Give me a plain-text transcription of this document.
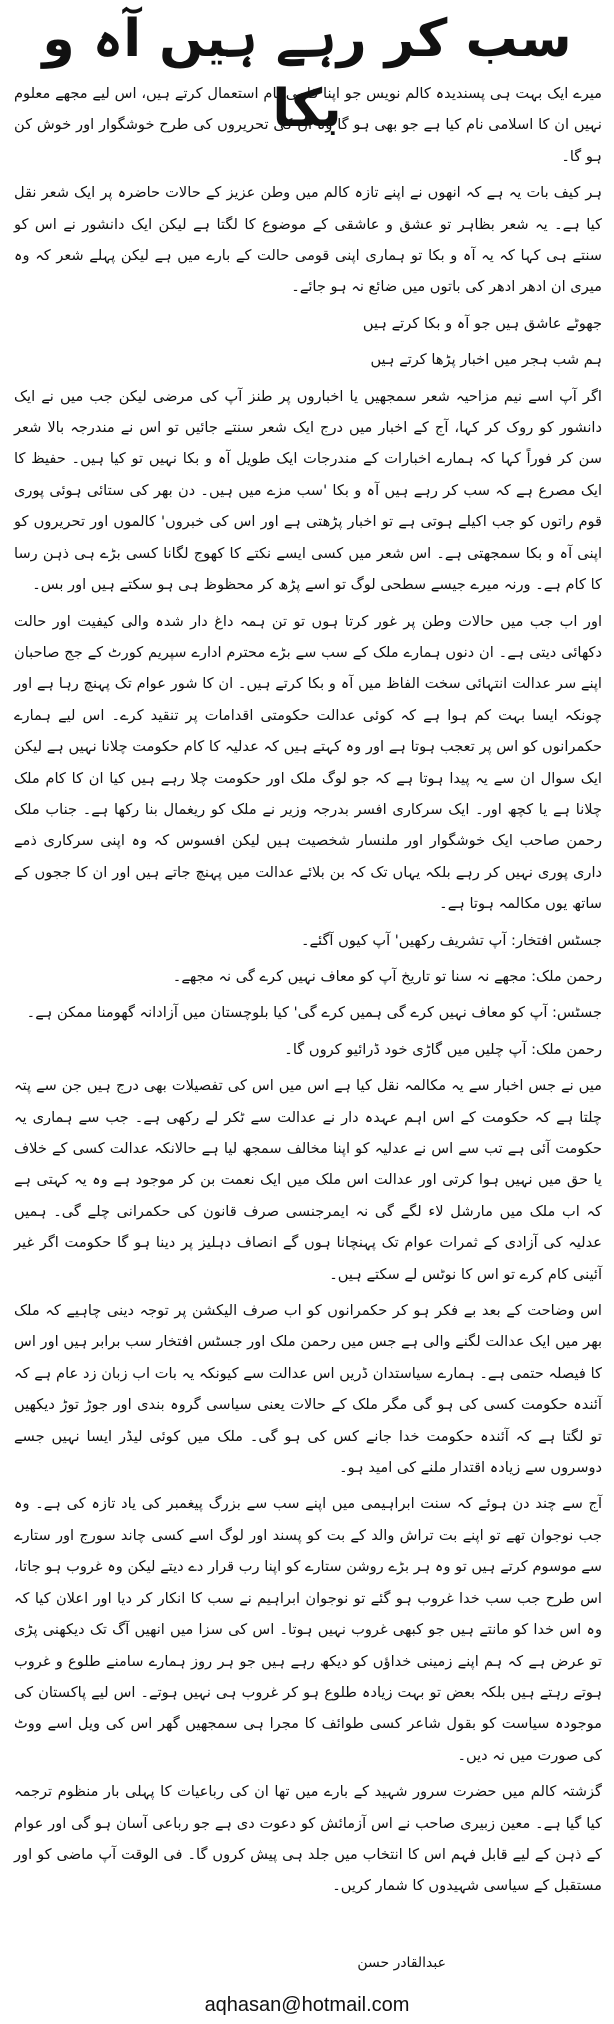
سب کر رہے ہیں آہ و بکا

میرے ایک بہت ہی پسندیدہ کالم نویس جو اپنا قلمی نام استعمال کرتے ہیں، اس لیے مجھے معلوم نہیں ان کا اسلامی نام کیا ہے جو بھی ہو گا وہ ان کی تحریروں کی طرح خوشگوار اور خوش کن ہو گا۔

ہر کیف بات یہ ہے کہ انھوں نے اپنے تازہ کالم میں وطن عزیز کے حالات حاضرہ پر ایک شعر نقل کیا ہے۔ یہ شعر بظاہر تو عشق و عاشقی کے موضوع کا لگتا ہے لیکن ایک دانشور نے اس کو سنتے ہی کہا کہ یہ آہ و بکا تو ہماری اپنی قومی حالت کے بارے میں ہے لیکن پہلے شعر کہ وہ میری ان ادھر ادھر کی باتوں میں ضائع نہ ہو جائے۔

جھوٹے عاشق ہیں جو آہ و بکا کرتے ہیں

ہم شب ہجر میں اخبار پڑھا کرتے ہیں

اگر آپ اسے نیم مزاحیہ شعر سمجھیں یا اخباروں پر طنز آپ کی مرضی لیکن جب میں نے ایک دانشور کو روک کر کہا، آج کے اخبار میں درج ایک شعر سنتے جائیں تو اس نے مندرجہ بالا شعر سن کر فوراً کہا کہ ہمارے اخبارات کے مندرجات ایک طویل آہ و بکا نہیں تو کیا ہیں۔ حفیظ کا ایک مصرع ہے کہ سب کر رہے ہیں آہ و بکا 'سب مزے میں ہیں۔ دن بھر کی ستائی ہوئی پوری قوم راتوں کو جب اکیلے ہوتی ہے تو اخبار پڑھتی ہے اور اس کی خبروں' کالموں اور تحریروں کو اپنی آہ و بکا سمجھتی ہے۔ اس شعر میں کسی ایسے نکتے کا کھوج لگانا کسی بڑے ہی ذہن رسا کا کام ہے۔ ورنہ میرے جیسے سطحی لوگ تو اسے پڑھ کر محظوظ ہی ہو سکتے ہیں اور بس۔

اور اب جب میں حالات وطن پر غور کرتا ہوں تو تن ہمہ داغ دار شدہ والی کیفیت اور حالت دکھائی دیتی ہے۔ ان دنوں ہمارے ملک کے سب سے بڑے محترم ادارے سپریم کورٹ کے جج صاحبان اپنے سر عدالت انتہائی سخت الفاظ میں آہ و بکا کرتے ہیں۔ ان کا شور عوام تک پہنچ رہا ہے اور چونکہ ایسا بہت کم ہوا ہے کہ کوئی عدالت حکومتی اقدامات پر تنقید کرے۔ اس لیے ہمارے حکمرانوں کو اس پر تعجب ہوتا ہے اور وہ کہتے ہیں کہ عدلیہ کا کام حکومت چلانا نہیں ہے لیکن ایک سوال ان سے یہ پیدا ہوتا ہے کہ جو لوگ ملک اور حکومت چلا رہے ہیں کیا ان کا کام ملک چلانا ہے یا کچھ اور۔ ایک سرکاری افسر بدرجہ وزیر نے ملک کو ریغمال بنا رکھا ہے۔ جناب ملک رحمن صاحب ایک خوشگوار اور ملنسار شخصیت ہیں لیکن افسوس کہ وہ اپنی سرکاری ذمے داری پوری نہیں کر رہے بلکہ یہاں تک کہ بن بلائے عدالت میں پہنچ جاتے ہیں اور ان کا ججوں کے ساتھ یوں مکالمہ ہوتا ہے۔

جسٹس افتخار: آپ تشریف رکھیں' آپ کیوں آگئے۔

رحمن ملک: مجھے نہ سنا تو تاریخ آپ کو معاف نہیں کرے گی نہ مجھے۔

جسٹس: آپ کو معاف نہیں کرے گی ہمیں کرے گی' کیا بلوچستان میں آزادانہ گھومنا ممکن ہے۔

رحمن ملک: آپ چلیں میں گاڑی خود ڈرائیو کروں گا۔

میں نے جس اخبار سے یہ مکالمہ نقل کیا ہے اس میں اس کی تفصیلات بھی درج ہیں جن سے پتہ چلتا ہے کہ حکومت کے اس اہم عہدہ دار نے عدالت سے ٹکر لے رکھی ہے۔ جب سے ہماری یہ حکومت آئی ہے تب سے اس نے عدلیہ کو اپنا مخالف سمجھ لیا ہے حالانکہ عدالت کسی کے خلاف یا حق میں نہیں ہوا کرتی اور عدالت اس ملک میں ایک نعمت بن کر موجود ہے وہ یہ کہتی ہے کہ اب ملک میں مارشل لاء لگے گی نہ ایمرجنسی صرف قانون کی حکمرانی چلے گی۔ ہمیں عدلیہ کی آزادی کے ثمرات عوام تک پہنچانا ہوں گے انصاف دہلیز پر دینا ہو گا حکومت اگر غیر آئینی کام کرے تو اس کا نوٹس لے سکتے ہیں۔

اس وضاحت کے بعد بے فکر ہو کر حکمرانوں کو اب صرف الیکشن پر توجہ دینی چاہیے کہ ملک بھر میں ایک عدالت لگنے والی ہے جس میں رحمن ملک اور جسٹس افتخار سب برابر ہیں اور اس کا فیصلہ حتمی ہے۔ ہمارے سیاستدان ڈریں اس عدالت سے کیونکہ یہ بات اب زبان زد عام ہے کہ آئندہ حکومت کسی کی ہو گی مگر ملک کے حالات یعنی سیاسی گروہ بندی اور جوڑ توڑ دیکھیں تو لگتا ہے کہ آئندہ حکومت خدا جانے کس کی ہو گی۔ ملک میں کوئی لیڈر ایسا نہیں جسے دوسروں سے زیادہ اقتدار ملنے کی امید ہو۔

آج سے چند دن ہوئے کہ سنت ابراہیمی میں اپنے سب سے بزرگ پیغمبر کی یاد تازہ کی ہے۔ وہ جب نوجوان تھے تو اپنے بت تراش والد کے بت کو پسند اور لوگ اسے کسی چاند سورج اور ستارے سے موسوم کرتے ہیں تو وہ ہر بڑے روشن ستارے کو اپنا رب قرار دے دیتے لیکن وہ غروب ہو جاتا، اس طرح جب سب خدا غروب ہو گئے تو نوجوان ابراہیم نے سب کا انکار کر دیا اور اعلان کیا کہ وہ اس خدا کو مانتے ہیں جو کبھی غروب نہیں ہوتا۔ اس کی سزا میں انھیں آگ تک دیکھنی پڑی تو عرض ہے کہ ہم اپنے زمینی خداؤں کو دیکھ رہے ہیں جو ہر روز ہمارے سامنے طلوع و غروب ہوتے رہتے ہیں بلکہ بعض تو بہت زیادہ طلوع ہو کر غروب ہی نہیں ہوتے۔ اس لیے پاکستان کی موجودہ سیاست کو بقول شاعر کسی طوائف کا مجرا ہی سمجھیں گھر اس کی ویل اسے ووٹ کی صورت میں نہ دیں۔

گزشتہ کالم میں حضرت سرور شہید کے بارے میں تھا ان کی رباعیات کا پہلی بار منظوم ترجمہ کیا گیا ہے۔ معین زبیری صاحب نے اس آزمائش کو دعوت دی ہے جو رباعی آسان ہو گی اور عوام کے ذہن کے لیے قابل فہم اس کا انتخاب میں جلد ہی پیش کروں گا۔ فی الوقت آپ ماضی کو اور مستقبل کے سیاسی شہیدوں کا شمار کریں۔

عبدالقادر حسن
aqhasan@hotmail.com
